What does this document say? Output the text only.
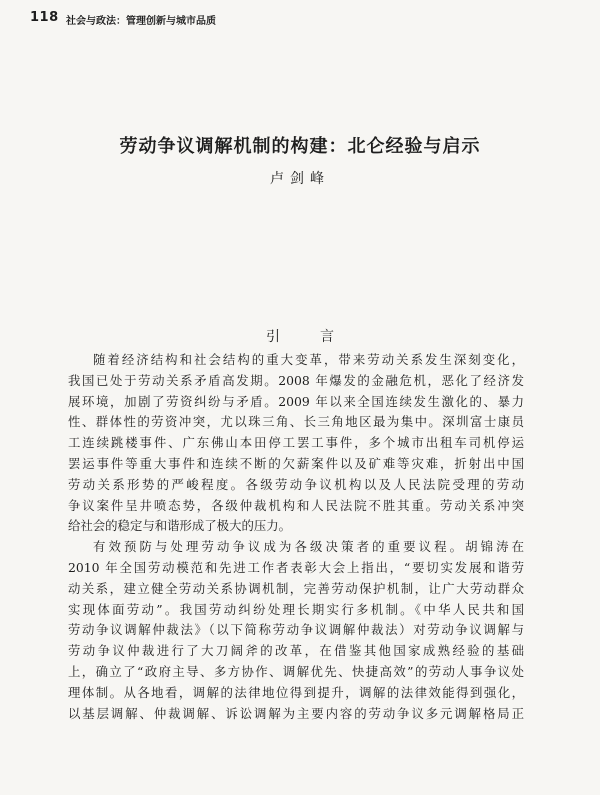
118 社会与政法：管理创新与城市品质
劳动争议调解机制的构建：北仑经验与启示
卢剑峰
引言
随着经济结构和社会结构的重大变革，带来劳动关系发生深刻变化，
我国已处于劳动关系矛盾高发期。2008 年爆发的金融危机，恶化了经济发
展环境，加剧了劳资纠纷与矛盾。2009 年以来全国连续发生激化的、暴力
性、群体性的劳资冲突，尤以珠三角、长三角地区最为集中。深圳富士康员
工连续跳楼事件、广东佛山本田停工罢工事件，多个城市出租车司机停运
罢运事件等重大事件和连续不断的欠薪案件以及矿难等灾难，折射出中国
劳动关系形势的严峻程度。各级劳动争议机构以及人民法院受理的劳动
争议案件呈井喷态势，各级仲裁机构和人民法院不胜其重。劳动关系冲突
给社会的稳定与和谐形成了极大的压力。
有效预防与处理劳动争议成为各级决策者的重要议程。胡锦涛在
2010 年全国劳动模范和先进工作者表彰大会上指出，“要切实发展和谐劳
动关系，建立健全劳动关系协调机制，完善劳动保护机制，让广大劳动群众
实现体面劳动”。我国劳动纠纷处理长期实行多机制。《中华人民共和国
劳动争议调解仲裁法》（以下简称劳动争议调解仲裁法）对劳动争议调解与
劳动争议仲裁进行了大刀阔斧的改革，在借鉴其他国家成熟经验的基础
上，确立了“政府主导、多方协作、调解优先、快捷高效”的劳动人事争议处
理体制。从各地看，调解的法律地位得到提升，调解的法律效能得到强化，
以基层调解、仲裁调解、诉讼调解为主要内容的劳动争议多元调解格局正
